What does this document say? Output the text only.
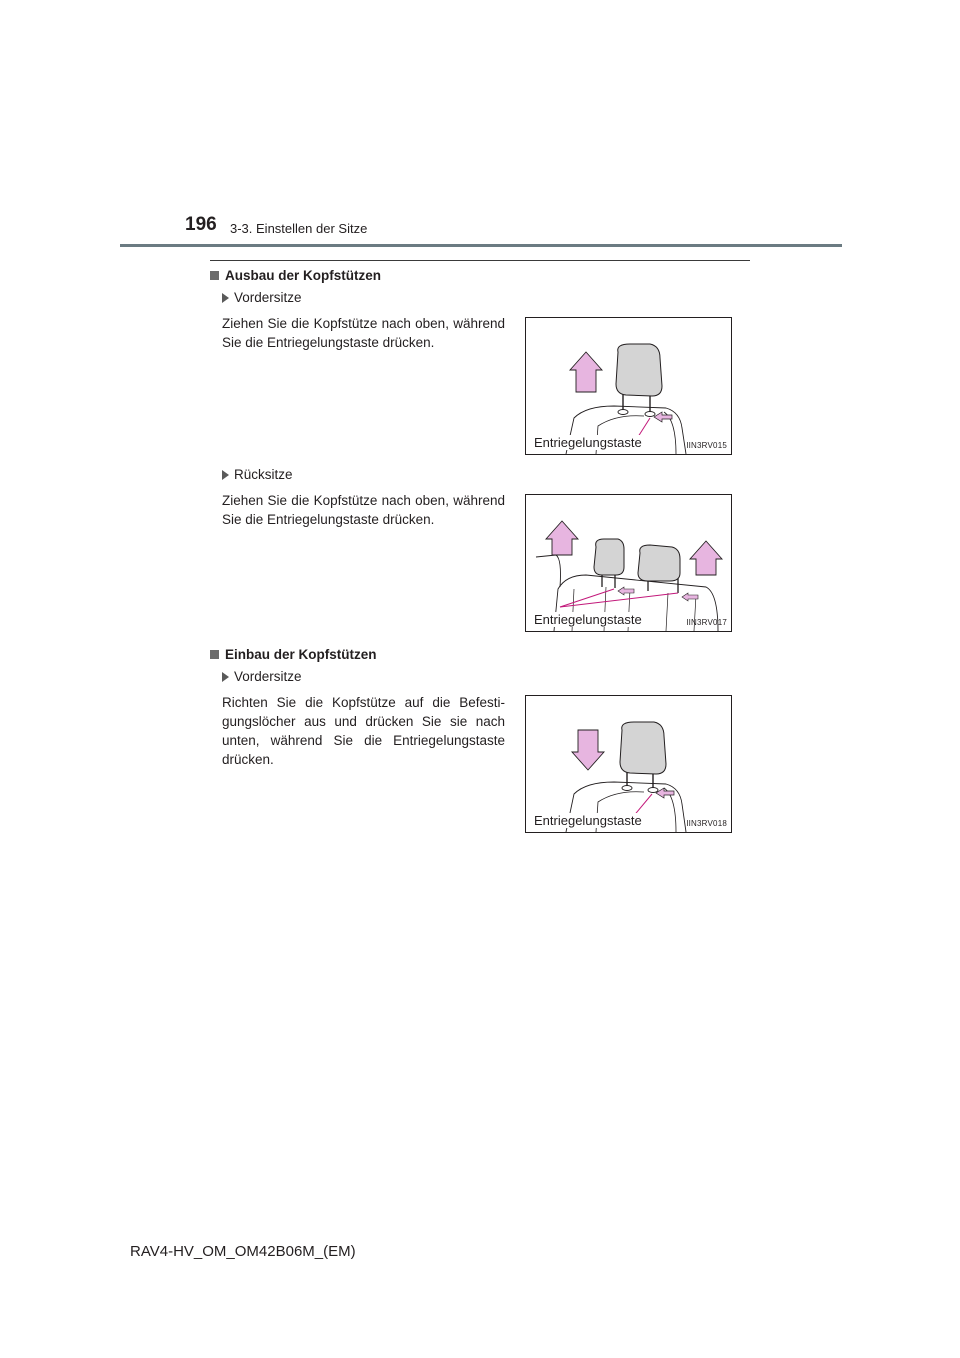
196 3-3. Einstellen der Sitze
Ausbau der Kopfstützen
Vordersitze
Ziehen Sie die Kopfstütze nach oben, während Sie die Entriegelungstaste drücken.
Entriegelungstaste	IIN3RV015
Rücksitze
Ziehen Sie die Kopfstütze nach oben, während Sie die Entriegelungstaste drücken.
Entriegelungstaste	IIN3RV017
Einbau der Kopfstützen
Vordersitze
Richten Sie die Kopfstütze auf die Befestigungslöcher aus und drücken Sie sie nach unten, während Sie die Entriegelungstaste drücken.
Entriegelungstaste	IIN3RV018
RAV4-HV_OM_OM42B06M_(EM)
